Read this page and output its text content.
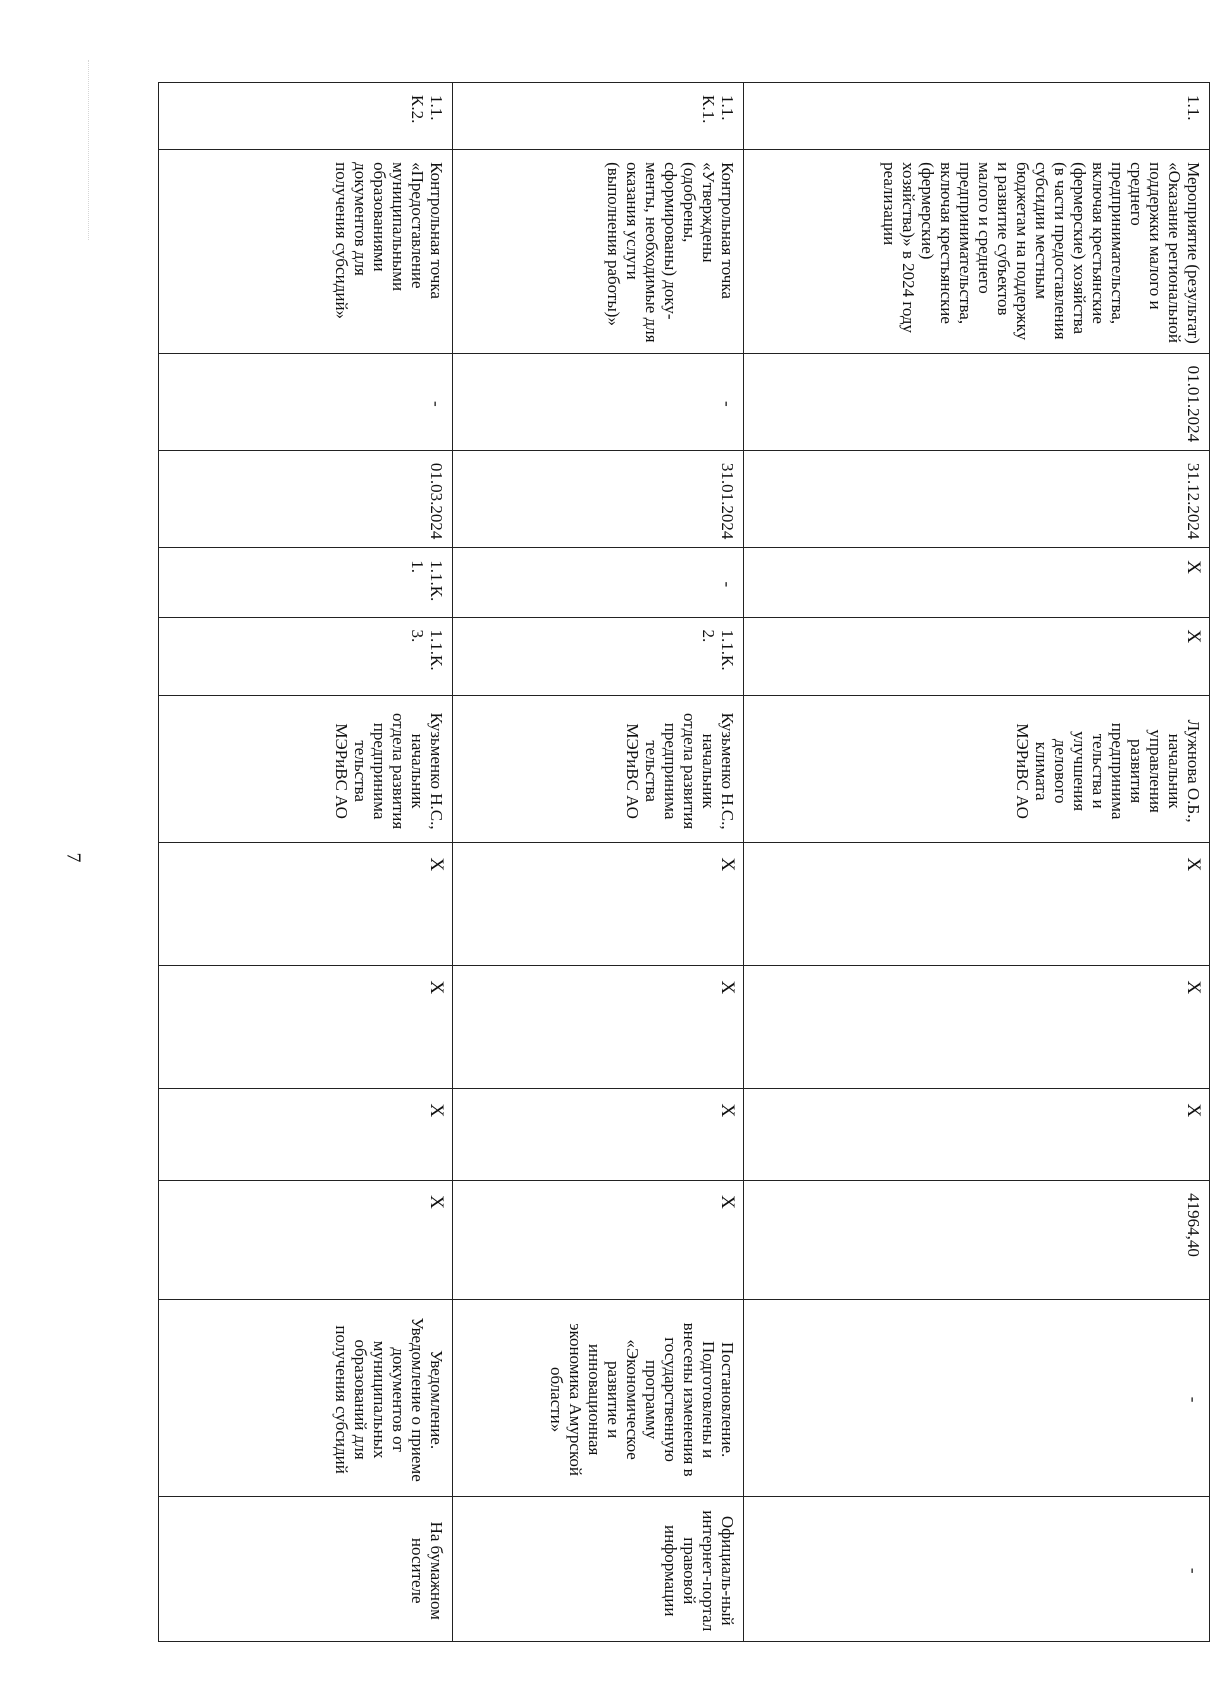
7
1.1.	Мероприятие (результат) «Оказание региональной поддержки малого и среднего предпринимательства, включая крестьянские (фермерские) хозяйства (в части предоставления субсидии местным бюджетам на поддержку и развитие субъектов малого и среднего предпринимательства, включая крестьянские (фермерские) хозяйства)» в 2024 году реализации	01.01.2024	31.12.2024	X	X	Лужнова О.Б., начальник управления развития предпринима тельства и улучшения делового климата МЭРиВС АО	X	X	X	41964,40	-	-
1.1. К.1.	Контрольная точка «Утверждены (одобрены, сформированы) доку-менты, необходимые для оказания услуги (выполнения работы)»	-	31.01.2024	-	1.1.К. 2.	Кузьменко Н.С., начальник отдела развития предпринима тельства МЭРиВС АО	X	X	X	X	Постановление. Подготовлены и внесены изменения в государственную программу «Экономическое развитие и инновационная экономика Амурской области»	Официаль-ный интернет-портал правовой информации
1.1. К.2.	Контрольная точка «Предоставление муниципальными образованиями документов для получения субсидий»	-	01.03.2024	1.1.К. 1.	1.1.К. 3.	Кузьменко Н.С., начальник отдела развития предпринима тельства МЭРиВС АО	X	X	X	X	Уведомление. Уведомление о приеме документов от муниципальных образований для получения субсидий	На бумажном носителе
